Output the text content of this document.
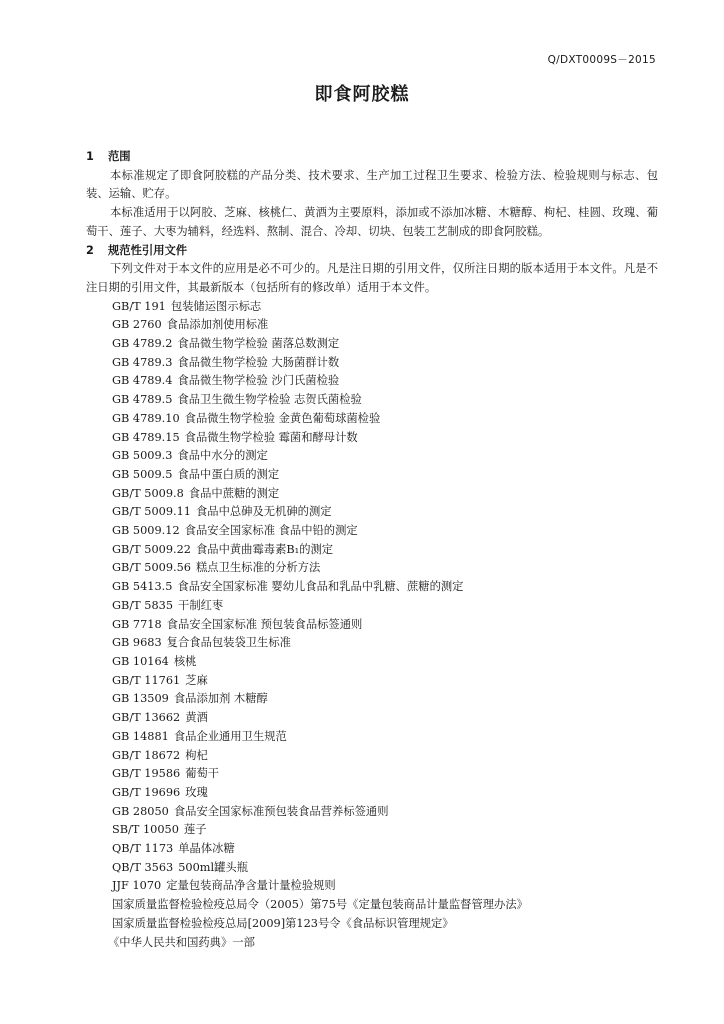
Q/DXT0009S－2015
即食阿胶糕
1 范围
本标准规定了即食阿胶糕的产品分类、技术要求、生产加工过程卫生要求、检验方法、检验规则与标志、包装、运输、贮存。
本标准适用于以阿胶、芝麻、核桃仁、黄酒为主要原料，添加或不添加冰糖、木糖醇、枸杞、桂圆、玫瑰、葡萄干、莲子、大枣为辅料，经选料、熬制、混合、冷却、切块、包装工艺制成的即食阿胶糕。
2 规范性引用文件
下列文件对于本文件的应用是必不可少的。凡是注日期的引用文件，仅所注日期的版本适用于本文件。凡是不注日期的引用文件，其最新版本（包括所有的修改单）适用于本文件。
GB/T 191 包装储运图示标志
GB 2760 食品添加剂使用标准
GB 4789.2 食品微生物学检验 菌落总数测定
GB 4789.3 食品微生物学检验 大肠菌群计数
GB 4789.4 食品微生物学检验 沙门氏菌检验
GB 4789.5 食品卫生微生物学检验 志贺氏菌检验
GB 4789.10 食品微生物学检验 金黄色葡萄球菌检验
GB 4789.15 食品微生物学检验 霉菌和酵母计数
GB 5009.3 食品中水分的测定
GB 5009.5 食品中蛋白质的测定
GB/T 5009.8 食品中蔗糖的测定
GB/T 5009.11 食品中总砷及无机砷的测定
GB 5009.12 食品安全国家标准 食品中铅的测定
GB/T 5009.22 食品中黄曲霉毒素B₁的测定
GB/T 5009.56 糕点卫生标准的分析方法
GB 5413.5 食品安全国家标准 婴幼儿食品和乳品中乳糖、蔗糖的测定
GB/T 5835 干制红枣
GB 7718 食品安全国家标准 预包装食品标签通则
GB 9683 复合食品包装袋卫生标准
GB 10164 核桃
GB/T 11761 芝麻
GB 13509 食品添加剂 木糖醇
GB/T 13662 黄酒
GB 14881 食品企业通用卫生规范
GB/T 18672 枸杞
GB/T 19586 葡萄干
GB/T 19696 玫瑰
GB 28050 食品安全国家标准预包装食品营养标签通则
SB/T 10050 莲子
QB/T 1173 单晶体冰糖
QB/T 3563 500ml罐头瓶
JJF 1070 定量包装商品净含量计量检验规则
国家质量监督检验检疫总局令（2005）第75号《定量包装商品计量监督管理办法》
国家质量监督检验检疫总局[2009]第123号令《食品标识管理规定》
《中华人民共和国药典》一部
